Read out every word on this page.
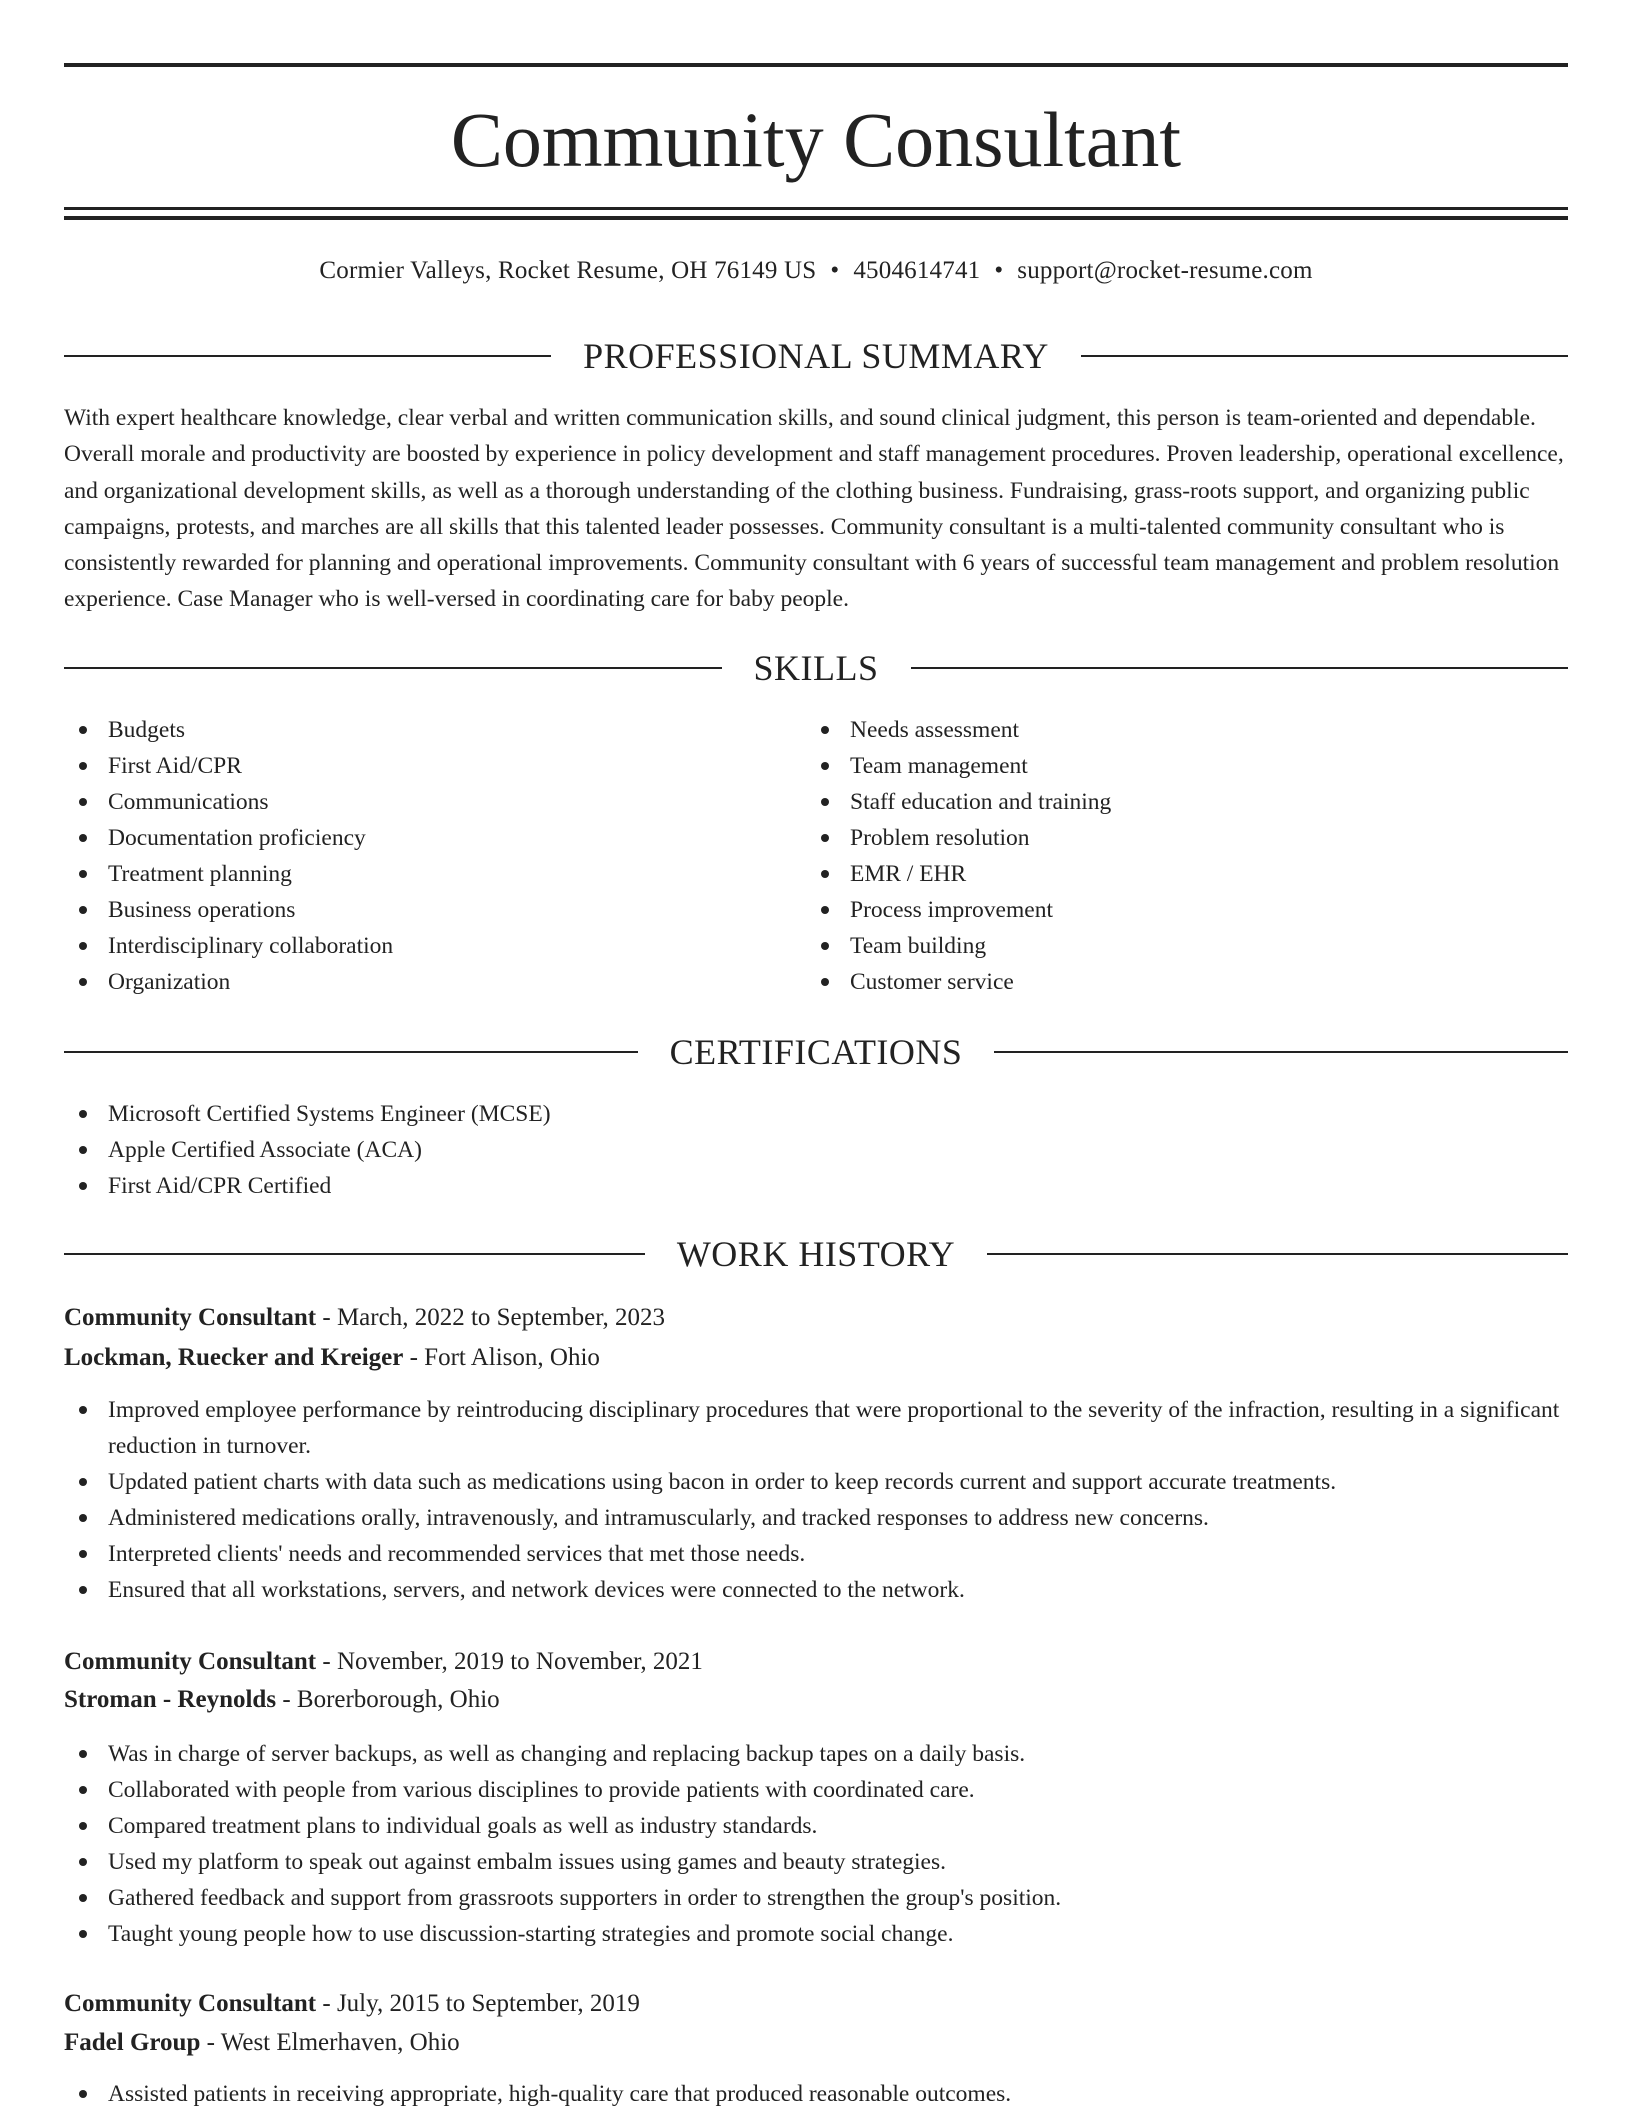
Community Consultant
Cormier Valleys, Rocket Resume, OH 76149 US • 4504614741 • support@rocket-resume.com
PROFESSIONAL SUMMARY

With expert healthcare knowledge, clear verbal and written communication skills, and sound clinical judgment, this person is team-oriented and dependable. Overall morale and productivity are boosted by experience in policy development and staff management procedures. Proven leadership, operational excellence, and organizational development skills, as well as a thorough understanding of the clothing business. Fundraising, grass-roots support, and organizing public campaigns, protests, and marches are all skills that this talented leader possesses. Community consultant is a multi-talented community consultant who is consistently rewarded for planning and operational improvements. Community consultant with 6 years of successful team management and problem resolution experience. Case Manager who is well-versed in coordinating care for baby people.

SKILLS
Budgets
First Aid/CPR
Communications
Documentation proficiency
Treatment planning
Business operations
Interdisciplinary collaboration
Organization
Needs assessment
Team management
Staff education and training
Problem resolution
EMR / EHR
Process improvement
Team building
Customer service
CERTIFICATIONS
Microsoft Certified Systems Engineer (MCSE)
Apple Certified Associate (ACA)
First Aid/CPR Certified
WORK HISTORY
Community Consultant - March, 2022 to September, 2023
Lockman, Ruecker and Kreiger - Fort Alison, Ohio
Improved employee performance by reintroducing disciplinary procedures that were proportional to the severity of the infraction, resulting in a significant reduction in turnover.
Updated patient charts with data such as medications using bacon in order to keep records current and support accurate treatments.
Administered medications orally, intravenously, and intramuscularly, and tracked responses to address new concerns.
Interpreted clients' needs and recommended services that met those needs.
Ensured that all workstations, servers, and network devices were connected to the network.
Community Consultant - November, 2019 to November, 2021
Stroman - Reynolds - Borerborough, Ohio
Was in charge of server backups, as well as changing and replacing backup tapes on a daily basis.
Collaborated with people from various disciplines to provide patients with coordinated care.
Compared treatment plans to individual goals as well as industry standards.
Used my platform to speak out against embalm issues using games and beauty strategies.
Gathered feedback and support from grassroots supporters in order to strengthen the group's position.
Taught young people how to use discussion-starting strategies and promote social change.
Community Consultant - July, 2015 to September, 2019
Fadel Group - West Elmerhaven, Ohio
Assisted patients in receiving appropriate, high-quality care that produced reasonable outcomes.
